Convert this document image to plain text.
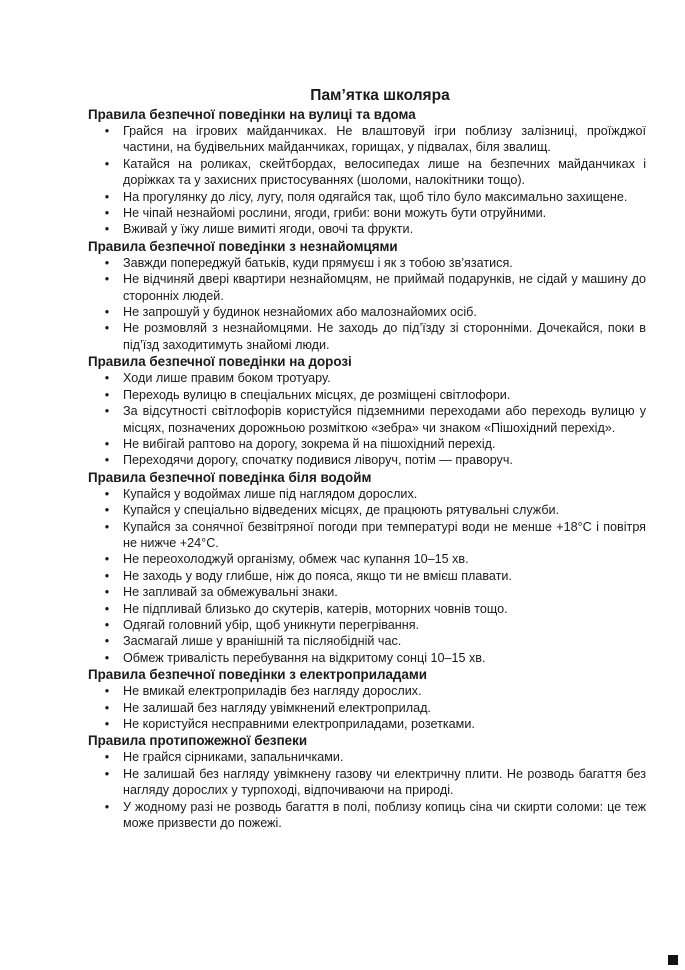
Пам’ятка школяра
Правила безпечної поведінки на вулиці та вдома
• Грайся на ігрових майданчиках. Не влаштовуй ігри поблизу залізниці, проїжджої частини, на будівельних майданчиках, горищах, у підвалах, біля звалищ.
• Катайся на роликах, скейтбордах, велосипедах лише на безпечних майданчиках і доріжках та у захисних пристосуваннях (шоломи, налокітники тощо).
• На прогулянку до лісу, лугу, поля одягайся так, щоб тіло було максимально захищене.
• Не чіпай незнайомі рослини, ягоди, гриби: вони можуть бути отруйними.
• Вживай у їжу лише вимиті ягоди, овочі та фрукти.
Правила безпечної поведінки з незнайомцями
• Завжди попереджуй батьків, куди прямуєш і як з тобою зв’язатися.
• Не відчиняй двері квартири незнайомцям, не приймай подарунків, не сідай у машину до сторонніх людей.
• Не запрошуй у будинок незнайомих або малознайомих осіб.
• Не розмовляй з незнайомцями. Не заходь до під’їзду зі сторонніми. Дочекайся, поки в під’їзд заходитимуть знайомі люди.
Правила безпечної поведінки на дорозі
• Ходи лише правим боком тротуару.
• Переходь вулицю в спеціальних місцях, де розміщені світлофори.
• За відсутності світлофорів користуйся підземними переходами або переходь вулицю у місцях, позначених дорожньою розміткою «зебра» чи знаком «Пішохідний перехід».
• Не вибігай раптово на дорогу, зокрема й на пішохідний перехід.
• Переходячи дорогу, спочатку подивися ліворуч, потім — праворуч.
Правила безпечної поведінка біля водойм
• Купайся у водоймах лише під наглядом дорослих.
• Купайся у спеціально відведених місцях, де працюють рятувальні служби.
• Купайся за сонячної безвітряної погоди при температурі води не менше +18°С і повітря не нижче +24°С.
• Не переохолоджуй організму, обмеж час купання 10–15 хв.
• Не заходь у воду глибше, ніж до пояса, якщо ти не вмієш плавати.
• Не запливай за обмежувальні знаки.
• Не підпливай близько до скутерів, катерів, моторних човнів тощо.
• Одягай головний убір, щоб уникнути перегрівання.
• Засмагай лише у вранішній та післяобідній час.
• Обмеж тривалість перебування на відкритому сонці 10–15 хв.
Правила безпечної поведінки з електроприладами
• Не вмикай електроприладів без нагляду дорослих.
• Не залишай без нагляду увімкнений електроприлад.
• Не користуйся несправними електроприладами, розетками.
Правила протипожежної безпеки
• Не грайся сірниками, запальничками.
• Не залишай без нагляду увімкнену газову чи електричну плити. Не розводь багаття без нагляду дорослих у турпоході, відпочиваючи на природі.
• У жодному разі не розводь багаття в полі, поблизу копиць сіна чи скирти соломи: це теж може призвести до пожежі.
